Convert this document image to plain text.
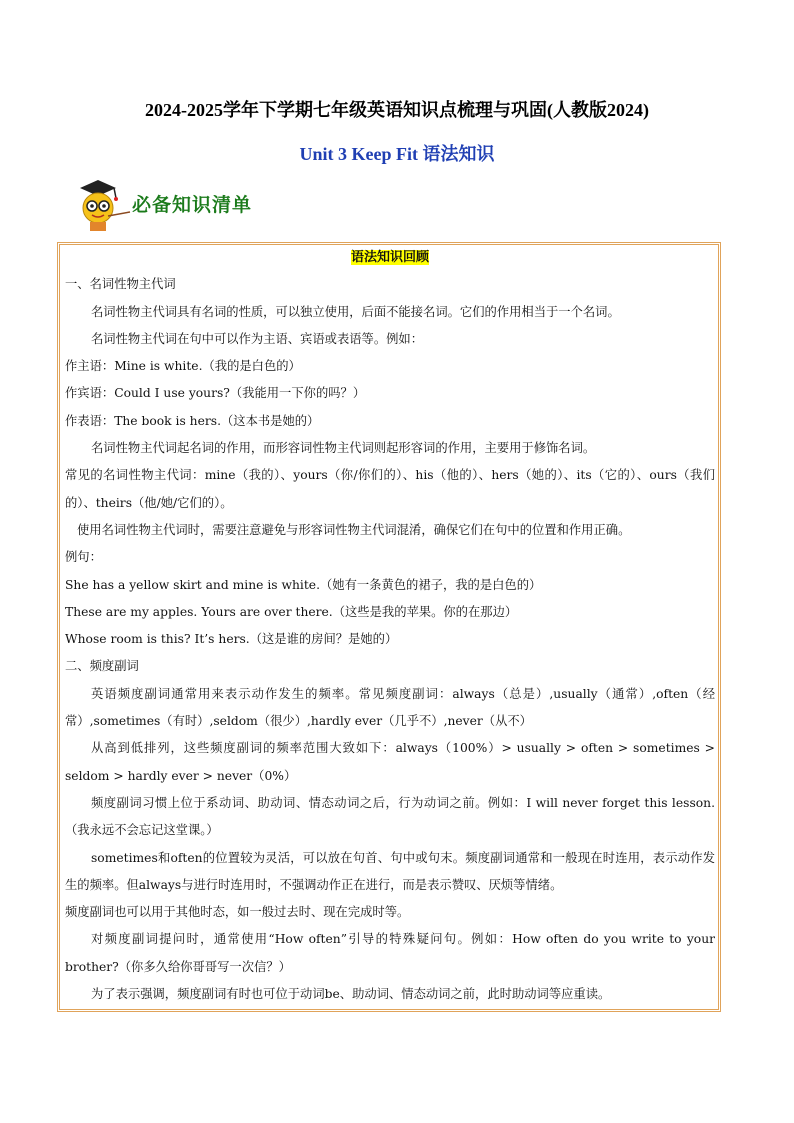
2024-2025学年下学期七年级英语知识点梳理与巩固(人教版2024)
Unit 3 Keep Fit 语法知识
必备知识清单

语法知识回顾

一、名词性物主代词

名词性物主代词具有名词的性质，可以独立使用，后面不能接名词。它们的作用相当于一个名词。

名词性物主代词在句中可以作为主语、宾语或表语等。例如：

作主语：Mine is white.（我的是白色的）

作宾语：Could I use yours?（我能用一下你的吗？）

作表语：The book is hers.（这本书是她的）

名词性物主代词起名词的作用，而形容词性物主代词则起形容词的作用，主要用于修饰名词。

常见的名词性物主代词：mine（我的）、yours（你/你们的）、his（他的）、hers（她的）、its（它的）、ours（我们的）、theirs（他/她/它们的）。

使用名词性物主代词时，需要注意避免与形容词性物主代词混淆，确保它们在句中的位置和作用正确。

例句：

She has a yellow skirt and mine is white.（她有一条黄色的裙子，我的是白色的）

These are my apples. Yours are over there.（这些是我的苹果。你的在那边）

Whose room is this? It’s hers.（这是谁的房间？是她的）

二、频度副词

英语频度副词通常用来表示动作发生的频率。常见频度副词：always（总是）,usually（通常）,often（经常）,sometimes（有时）,seldom（很少）,hardly ever（几乎不）,never（从不）

从高到低排列，这些频度副词的频率范围大致如下：always（100%）> usually > often > sometimes > seldom > hardly ever > never（0%）

频度副词习惯上位于系动词、助动词、情态动词之后，行为动词之前。例如：I will never forget this lesson.（我永远不会忘记这堂课。）

sometimes和often的位置较为灵活，可以放在句首、句中或句末。频度副词通常和一般现在时连用，表示动作发生的频率。但always与进行时连用时，不强调动作正在进行，而是表示赞叹、厌烦等情绪。

频度副词也可以用于其他时态，如一般过去时、现在完成时等。

对频度副词提问时，通常使用“How often”引导的特殊疑问句。例如：How often do you write to your brother?（你多久给你哥哥写一次信？）

为了表示强调，频度副词有时也可位于动词be、助动词、情态动词之前，此时助动词等应重读。
